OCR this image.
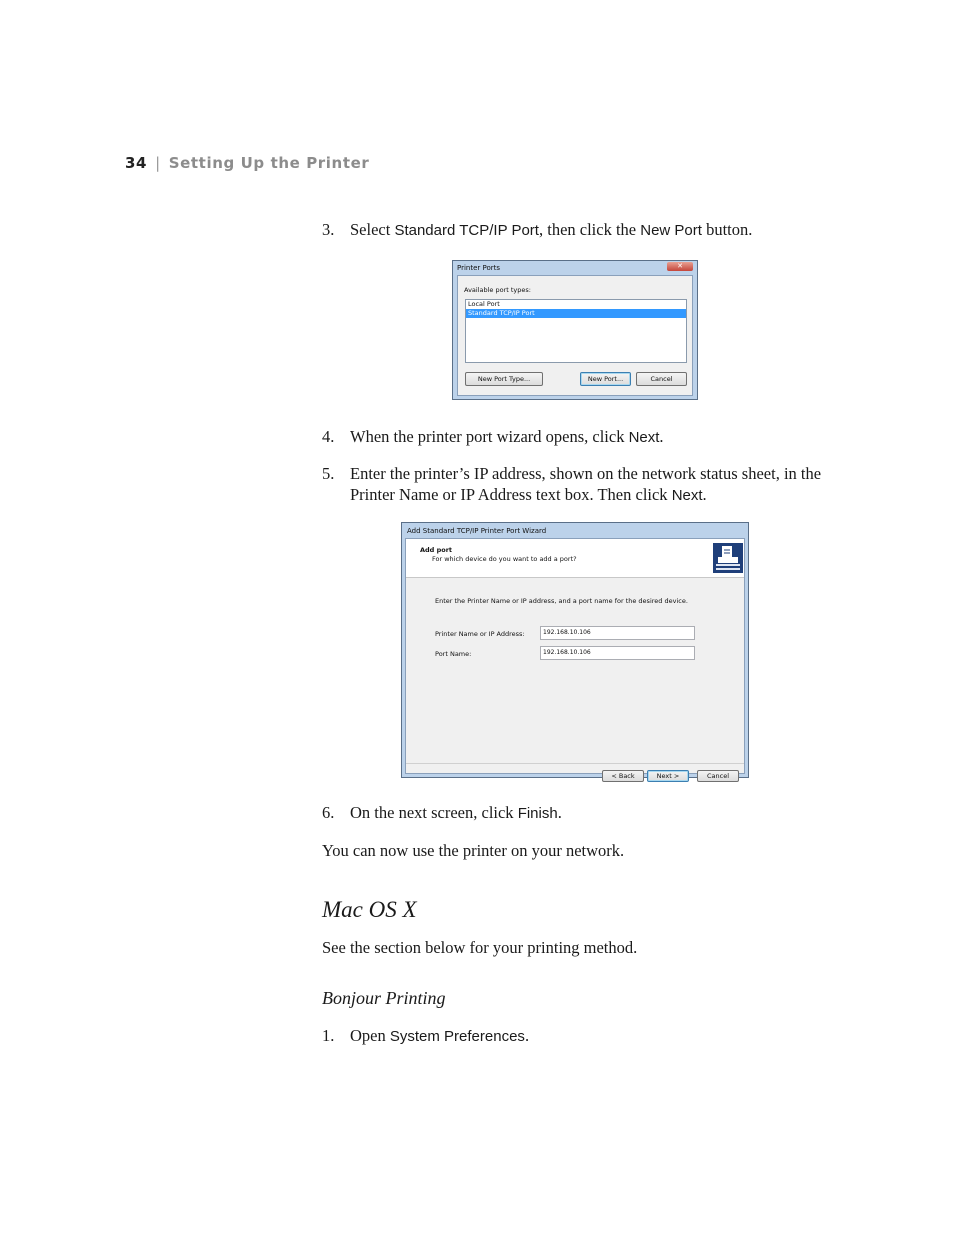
34 | Setting Up the Printer
3. Select Standard TCP/IP Port, then click the New Port button.
Printer Ports	✕
Available port types:
Local Port
Standard TCP/IP Port
New Port Type...	New Port...	Cancel
4. When the printer port wizard opens, click Next.
5. Enter the printer’s IP address, shown on the network status sheet, in the Printer Name or IP Address text box. Then click Next.
Add Standard TCP/IP Printer Port Wizard
Add port
For which device do you want to add a port?
Enter the Printer Name or IP address, and a port name for the desired device.
Printer Name or IP Address:	192.168.10.106
Port Name:	192.168.10.106
< Back	Next >	Cancel
6. On the next screen, click Finish.
You can now use the printer on your network.
Mac OS X
See the section below for your printing method.
Bonjour Printing
1. Open System Preferences.
